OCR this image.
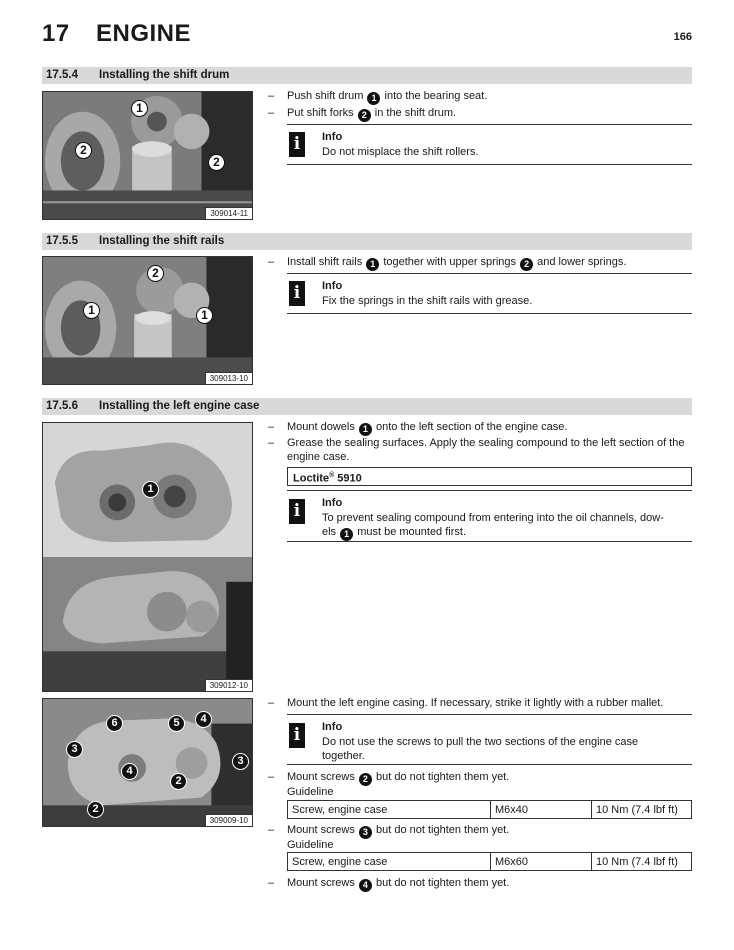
17 ENGINE	166
17.5.4 Installing the shift drum
1
2
2
309014-11
– Push shift drum 1 into the bearing seat.
– Put shift forks 2 in the shift drum.
i	Info
Do not misplace the shift rollers.
17.5.5 Installing the shift rails
2
1	1
309013-10
– Install shift rails 1 together with upper springs 2 and lower springs.
i	Info
Fix the springs in the shift rails with grease.
17.5.6 Installing the left engine case
1
309012-10
6	5	4
3
4
3
2
2
309009-10
– Mount dowels 1 onto the left section of the engine case.
– Grease the sealing surfaces. Apply the sealing compound to the left section of the engine case.
Loctite® 5910
i	Info
To prevent sealing compound from entering into the oil channels, dow-
els 1 must be mounted first.
– Mount the left engine casing. If necessary, strike it lightly with a rubber mallet.
i	Info
Do not use the screws to pull the two sections of the engine case together.
– Mount screws 2 but do not tighten them yet.
Guideline
Screw, engine case	M6x40	10 Nm (7.4 lbf ft)
– Mount screws 3 but do not tighten them yet.
Guideline
Screw, engine case	M6x60	10 Nm (7.4 lbf ft)
– Mount screws 4 but do not tighten them yet.
